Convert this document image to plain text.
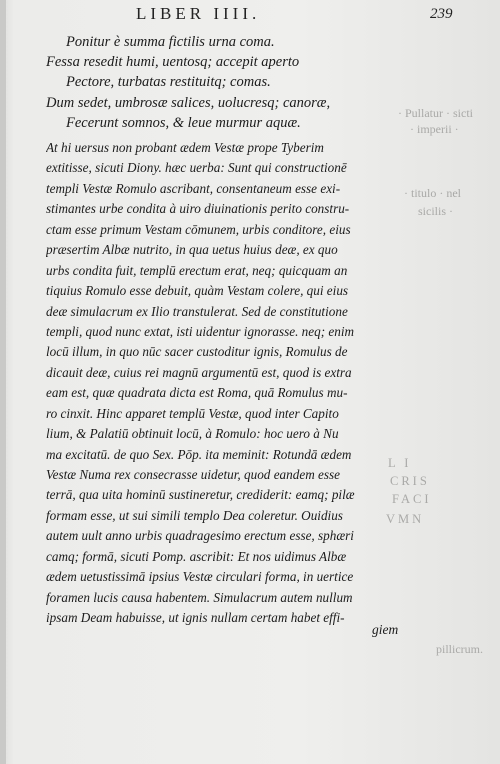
· Pullatur · sicti
· imperii ·
· titulo · nel
sicilis ·
L I
CRIS
FACI
VMN
pillicrum.
LIBER IIII.	239
Ponitur è summa fictilis urna coma.
Fessa resedit humi, uentosq; accepit aperto
Pectore, turbatas restituitq; comas.
Dum sedet, umbrosæ salices, uolucresq; canoræ,
Fecerunt somnos, & leue murmur aquæ.
At hi uersus non probant ædem Vestæ prope Tyberim
extitisse, sicuti Diony. hæc uerba: Sunt qui constructionē
templi Vestæ Romulo ascribant, consentaneum esse exi-
stimantes urbe condita à uiro diuinationis perito constru-
ctam esse primum Vestam cōmunem, urbis conditore, eius
præsertim Albæ nutrito, in qua uetus huius deæ, ex quo
urbs condita fuit, templū erectum erat, neq; quicquam an
tiquius Romulo esse debuit, quàm Vestam colere, qui eius
deæ simulacrum ex Ilio transtulerat. Sed de constitutione
templi, quod nunc extat, isti uidentur ignorasse. neq; enim
locū illum, in quo nūc sacer custoditur ignis, Romulus de
dicauit deæ, cuius rei magnū argumentū est, quod is extra
eam est, quæ quadrata dicta est Roma, quā Romulus mu-
ro cinxit. Hinc apparet templū Vestæ, quod inter Capito
lium, & Palatiū obtinuit locū, à Romulo: hoc uero à Nu
ma excitatū. de quo Sex. Pōp. ita meminit: Rotundā ædem
Vestæ Numa rex consecrasse uidetur, quod eandem esse
terrā, qua uita hominū sustineretur, crediderit: eamq; pilæ
formam esse, ut sui simili templo Dea coleretur. Ouidius
autem uult anno urbis quadragesimo erectum esse, sphæri
camq; formā, sicuti Pomp. ascribit: Et nos uidimus Albæ
ædem uetustissimā ipsius Vestæ circulari forma, in uertice
foramen lucis causa habentem. Simulacrum autem nullum
ipsam Deam habuisse, ut ignis nullam certam habet effi-
giem
